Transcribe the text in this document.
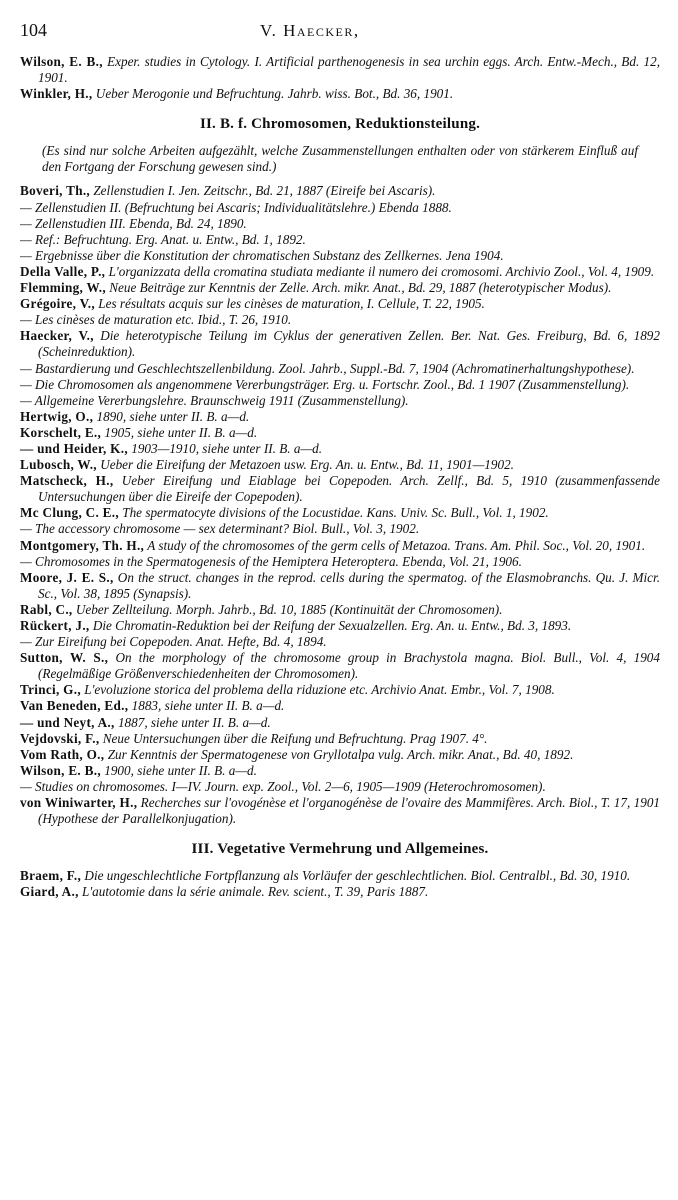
104	V. Haecker,

Wilson, E. B., Exper. studies in Cytology. I. Artificial parthenogenesis in sea urchin eggs. Arch. Entw.-Mech., Bd. 12, 1901.

Winkler, H., Ueber Merogonie und Befruchtung. Jahrb. wiss. Bot., Bd. 36, 1901.

II. B. f. Chromosomen, Reduktionsteilung.

(Es sind nur solche Arbeiten aufgezählt, welche Zusammenstellungen enthalten oder von stärkerem Einfluß auf den Fortgang der Forschung gewesen sind.)

Boveri, Th., Zellenstudien I. Jen. Zeitschr., Bd. 21, 1887 (Eireife bei Ascaris).

— Zellenstudien II. (Befruchtung bei Ascaris; Individualitätslehre.) Ebenda 1888.

— Zellenstudien III. Ebenda, Bd. 24, 1890.

— Ref.: Befruchtung. Erg. Anat. u. Entw., Bd. 1, 1892.

— Ergebnisse über die Konstitution der chromatischen Substanz des Zellkernes. Jena 1904.

Della Valle, P., L'organizzata della cromatina studiata mediante il numero dei cromosomi. Archivio Zool., Vol. 4, 1909.

Flemming, W., Neue Beiträge zur Kenntnis der Zelle. Arch. mikr. Anat., Bd. 29, 1887 (heterotypischer Modus).

Grégoire, V., Les résultats acquis sur les cinèses de maturation, I. Cellule, T. 22, 1905.

— Les cinèses de maturation etc. Ibid., T. 26, 1910.

Haecker, V., Die heterotypische Teilung im Cyklus der generativen Zellen. Ber. Nat. Ges. Freiburg, Bd. 6, 1892 (Scheinreduktion).

— Bastardierung und Geschlechtszellenbildung. Zool. Jahrb., Suppl.-Bd. 7, 1904 (Achromatinerhaltungshypothese).

— Die Chromosomen als angenommene Vererbungsträger. Erg. u. Fortschr. Zool., Bd. 1 1907 (Zusammenstellung).

— Allgemeine Vererbungslehre. Braunschweig 1911 (Zusammenstellung).

Hertwig, O., 1890, siehe unter II. B. a—d.

Korschelt, E., 1905, siehe unter II. B. a—d.

— und Heider, K., 1903—1910, siehe unter II. B. a—d.

Lubosch, W., Ueber die Eireifung der Metazoen usw. Erg. An. u. Entw., Bd. 11, 1901—1902.

Matscheck, H., Ueber Eireifung und Eiablage bei Copepoden. Arch. Zellf., Bd. 5, 1910 (zusammenfassende Untersuchungen über die Eireife der Copepoden).

Mc Clung, C. E., The spermatocyte divisions of the Locustidae. Kans. Univ. Sc. Bull., Vol. 1, 1902.

— The accessory chromosome — sex determinant? Biol. Bull., Vol. 3, 1902.

Montgomery, Th. H., A study of the chromosomes of the germ cells of Metazoa. Trans. Am. Phil. Soc., Vol. 20, 1901.

— Chromosomes in the Spermatogenesis of the Hemiptera Heteroptera. Ebenda, Vol. 21, 1906.

Moore, J. E. S., On the struct. changes in the reprod. cells during the spermatog. of the Elasmobranchs. Qu. J. Micr. Sc., Vol. 38, 1895 (Synapsis).

Rabl, C., Ueber Zellteilung. Morph. Jahrb., Bd. 10, 1885 (Kontinuität der Chromosomen).

Rückert, J., Die Chromatin-Reduktion bei der Reifung der Sexualzellen. Erg. An. u. Entw., Bd. 3, 1893.

— Zur Eireifung bei Copepoden. Anat. Hefte, Bd. 4, 1894.

Sutton, W. S., On the morphology of the chromosome group in Brachystola magna. Biol. Bull., Vol. 4, 1904 (Regelmäßige Größenverschiedenheiten der Chromosomen).

Trinci, G., L'evoluzione storica del problema della riduzione etc. Archivio Anat. Embr., Vol. 7, 1908.

Van Beneden, Ed., 1883, siehe unter II. B. a—d.

— und Neyt, A., 1887, siehe unter II. B. a—d.

Vejdovski, F., Neue Untersuchungen über die Reifung und Befruchtung. Prag 1907. 4°.

Vom Rath, O., Zur Kenntnis der Spermatogenese von Gryllotalpa vulg. Arch. mikr. Anat., Bd. 40, 1892.

Wilson, E. B., 1900, siehe unter II. B. a—d.

— Studies on chromosomes. I—IV. Journ. exp. Zool., Vol. 2—6, 1905—1909 (Heterochromosomen).

von Winiwarter, H., Recherches sur l'ovogénèse et l'organogénèse de l'ovaire des Mammifères. Arch. Biol., T. 17, 1901 (Hypothese der Parallelkonjugation).

III. Vegetative Vermehrung und Allgemeines.

Braem, F., Die ungeschlechtliche Fortpflanzung als Vorläufer der geschlechtlichen. Biol. Centralbl., Bd. 30, 1910.

Giard, A., L'autotomie dans la série animale. Rev. scient., T. 39, Paris 1887.
